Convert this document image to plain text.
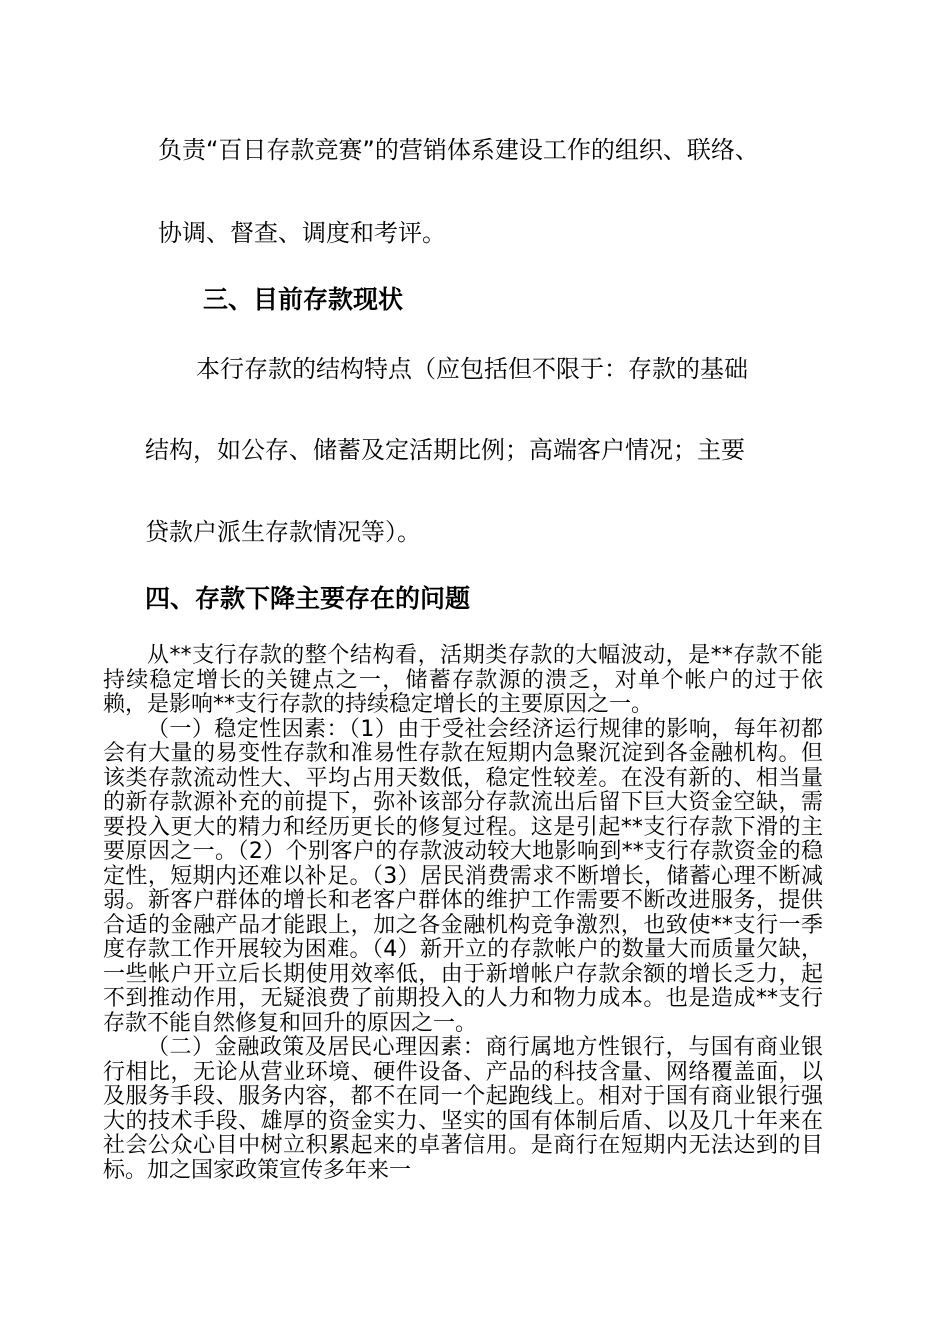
负责“百日存款竞赛”的营销体系建设工作的组织、联络、
协调、督查、调度和考评。
三、目前存款现状
本行存款的结构特点（应包括但不限于：存款的基础
结构，如公存、储蓄及定活期比例；高端客户情况；主要
贷款户派生存款情况等）。
四、存款下降主要存在的问题

从**支行存款的整个结构看，活期类存款的大幅波动，是**存款不能持续稳定增长的关键点之一，储蓄存款源的溃乏，对单个帐户的过于依赖，是影响**支行存款的持续稳定增长的主要原因之一。

（一）稳定性因素：（1）由于受社会经济运行规律的影响，每年初都会有大量的易变性存款和准易性存款在短期内急聚沉淀到各金融机构。但该类存款流动性大、平均占用天数低，稳定性较差。在没有新的、相当量的新存款源补充的前提下，弥补该部分存款流出后留下巨大资金空缺，需要投入更大的精力和经历更长的修复过程。这是引起**支行存款下滑的主要原因之一。（2）个别客户的存款波动较大地影响到**支行存款资金的稳定性，短期内还难以补足。（3）居民消费需求不断增长，储蓄心理不断减弱。新客户群体的增长和老客户群体的维护工作需要不断改进服务，提供合适的金融产品才能跟上，加之各金融机构竞争激烈，也致使**支行一季度存款工作开展较为困难。（4）新开立的存款帐户的数量大而质量欠缺，一些帐户开立后长期使用效率低，由于新增帐户存款余额的增长乏力，起不到推动作用，无疑浪费了前期投入的人力和物力成本。也是造成**支行存款不能自然修复和回升的原因之一。

（二）金融政策及居民心理因素：商行属地方性银行，与国有商业银行相比，无论从营业环境、硬件设备、产品的科技含量、网络覆盖面，以及服务手段、服务内容，都不在同一个起跑线上。相对于国有商业银行强大的技术手段、雄厚的资金实力、坚实的国有体制后盾、以及几十年来在社会公众心目中树立积累起来的卓著信用。是商行在短期内无法达到的目标。加之国家政策宣传多年来一
